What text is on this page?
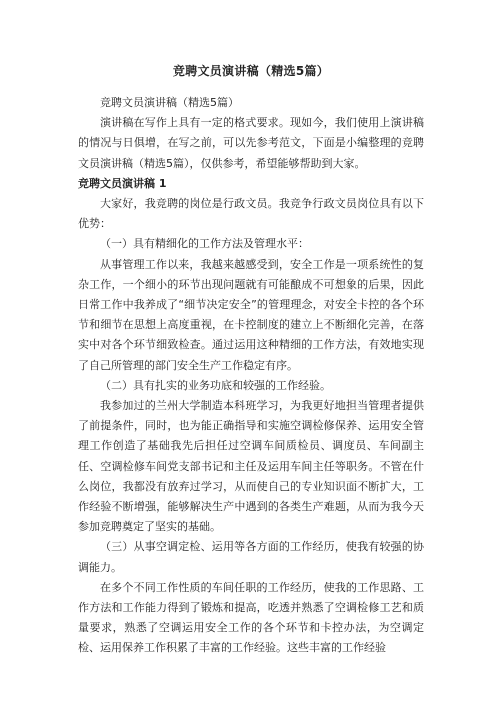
竞聘文员演讲稿（精选5篇）

竞聘文员演讲稿（精选5篇）

演讲稿在写作上具有一定的格式要求。现如今，我们使用上演讲稿的情况与日俱增，在写之前，可以先参考范文，下面是小编整理的竞聘文员演讲稿（精选5篇），仅供参考，希望能够帮助到大家。

竞聘文员演讲稿 1

大家好，我竞聘的岗位是行政文员。我竞争行政文员岗位具有以下优势：

（一）具有精细化的工作方法及管理水平：

从事管理工作以来，我越来越感受到，安全工作是一项系统性的复杂工作，一个细小的环节出现问题就有可能酿成不可想象的后果，因此日常工作中我养成了“细节决定安全”的管理理念，对安全卡控的各个环节和细节在思想上高度重视，在卡控制度的建立上不断细化完善，在落实中对各个环节细致检查。通过运用这种精细的工作方法，有效地实现了自己所管理的部门安全生产工作稳定有序。

（二）具有扎实的业务功底和较强的工作经验。

我参加过的兰州大学制造本科班学习，为我更好地担当管理者提供了前提条件，同时，也为能正确指导和实施空调检修保养、运用安全管理工作创造了基础我先后担任过空调车间质检员、调度员、车间副主任、空调检修车间党支部书记和主任及运用车间主任等职务。不管在什么岗位，我都没有放弃过学习，从而使自己的专业知识面不断扩大，工作经验不断增强，能够解决生产中遇到的各类生产难题，从而为我今天参加竞聘奠定了坚实的基础。

（三）从事空调定检、运用等各方面的工作经历，使我有较强的协调能力。

在多个不同工作性质的车间任职的工作经历，使我的工作思路、工作方法和工作能力得到了锻炼和提高，吃透并熟悉了空调检修工艺和质量要求，熟悉了空调运用安全工作的各个环节和卡控办法，为空调定检、运用保养工作积累了丰富的工作经验。这些丰富的工作经验
